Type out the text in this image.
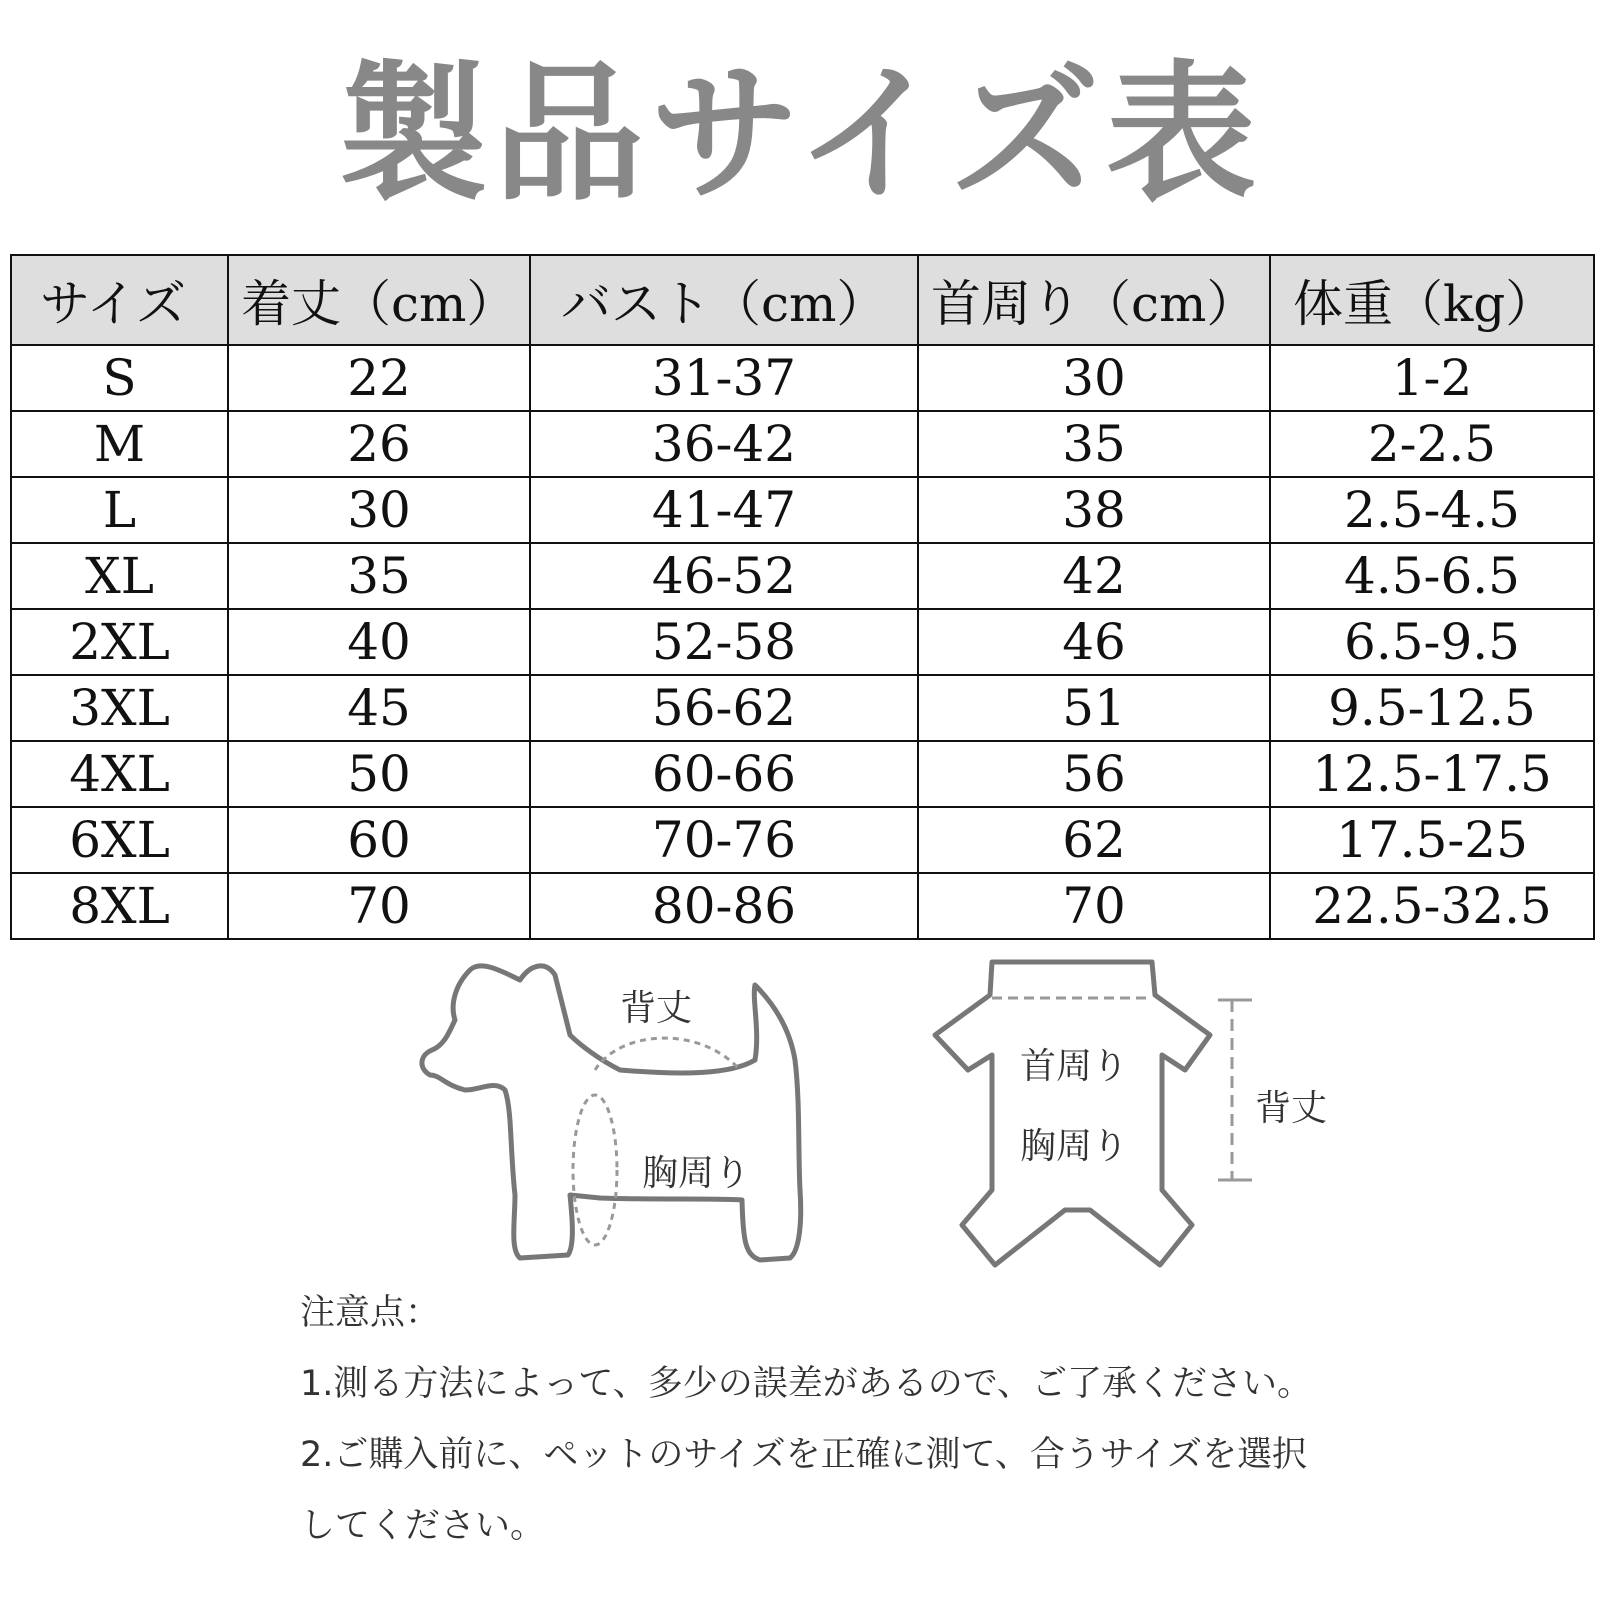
製品サイズ表
サイズ	着丈（cm）	バスト（cm）	首周り（cm）	体重（kg）
S	22	31-37	30	1-2
M	26	36-42	35	2-2.5
L	30	41-47	38	2.5-4.5
XL	35	46-52	42	4.5-6.5
2XL	40	52-58	46	6.5-9.5
3XL	45	56-62	51	9.5-12.5
4XL	50	60-66	56	12.5-17.5
6XL	60	70-76	62	17.5-25
8XL	70	80-86	70	22.5-32.5
背丈
胸周り
首周り
胸周り
背丈
注意点：
1.測る方法によって、多少の誤差があるので、ご了承ください。
2.ご購入前に、ペットのサイズを正確に測て、合うサイズを選択
してください。
